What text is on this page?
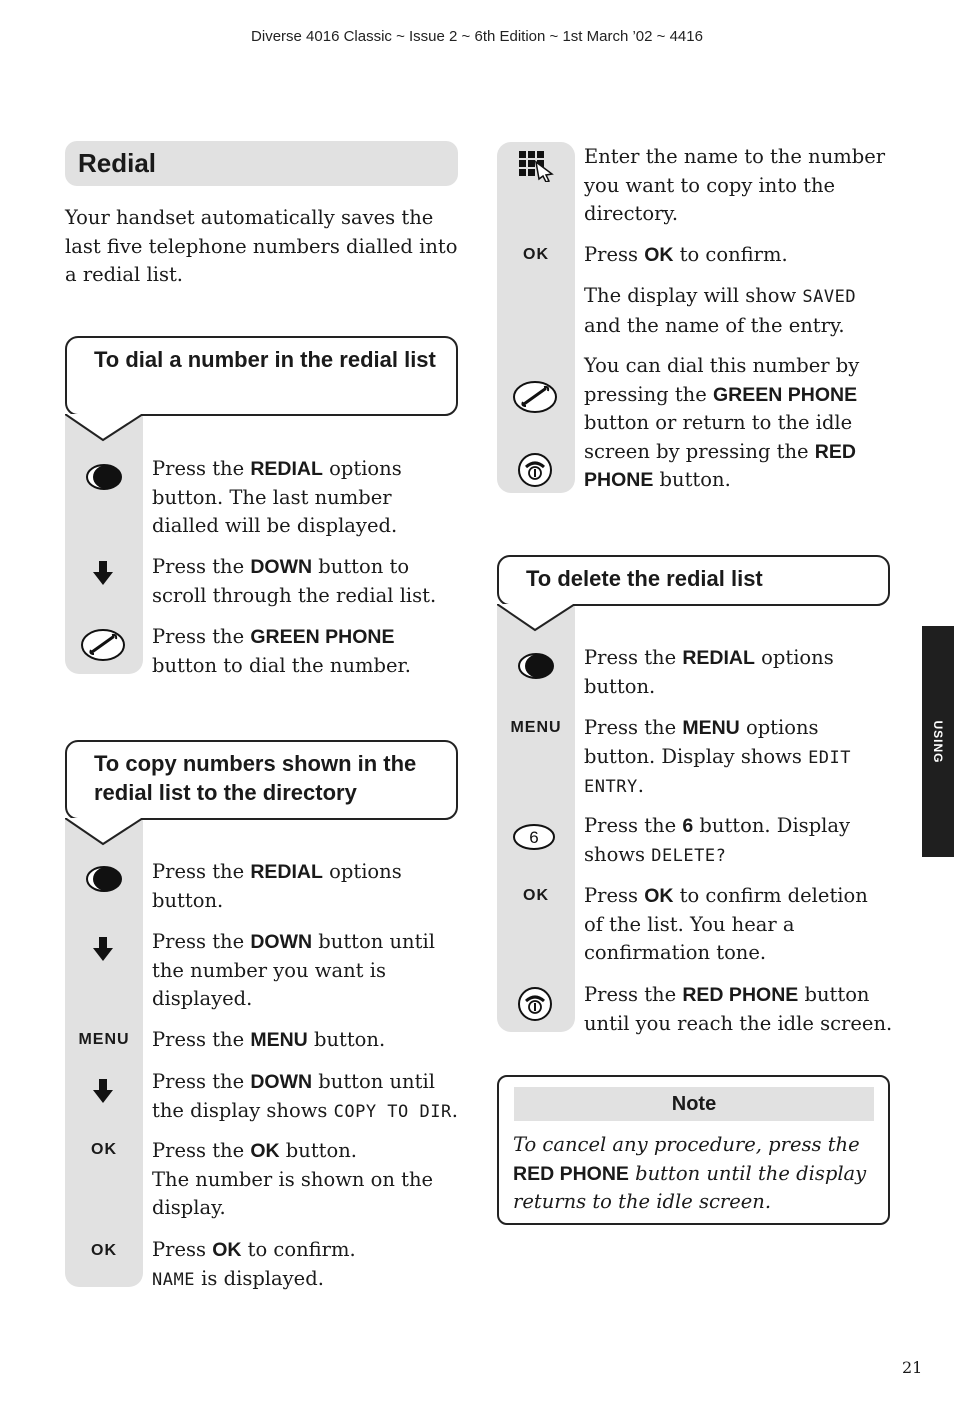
Diverse 4016 Classic ~ Issue 2 ~ 6th Edition ~ 1st March ’02 ~ 4416
Redial
Your handset automatically saves the last five telephone numbers dialled into a redial list.
To dial a number in the redial list
Press the REDIAL options button. The last number dialled will be displayed.
Press the DOWN button to scroll through the redial list.
Press the GREEN PHONE button to dial the number.
To copy numbers shown in the redial list to the directory
Press the REDIAL options button.
Press the DOWN button until the number you want is displayed.
MENU	Press the MENU button.
Press the DOWN button until the display shows COPY TO DIR.
OK	Press the OK button.
The number is shown on the display.
OK	Press OK to confirm.
NAME is displayed.
Enter the name to the number you want to copy into the directory.
OK	Press OK to confirm.
The display will show SAVED and the name of the entry.
You can dial this number by pressing the GREEN PHONE button or return to the idle screen by pressing the RED PHONE button.
To delete the redial list
Press the REDIAL options button.
MENU	Press the MENU options button. Display shows EDIT ENTRY.
6
Press the 6 button. Display shows DELETE?
OK	Press OK to confirm deletion of the list. You hear a confirmation tone.
Press the RED PHONE button until you reach the idle screen.
Note
To cancel any procedure, press the RED PHONE button until the display returns to the idle screen.
USING
21
